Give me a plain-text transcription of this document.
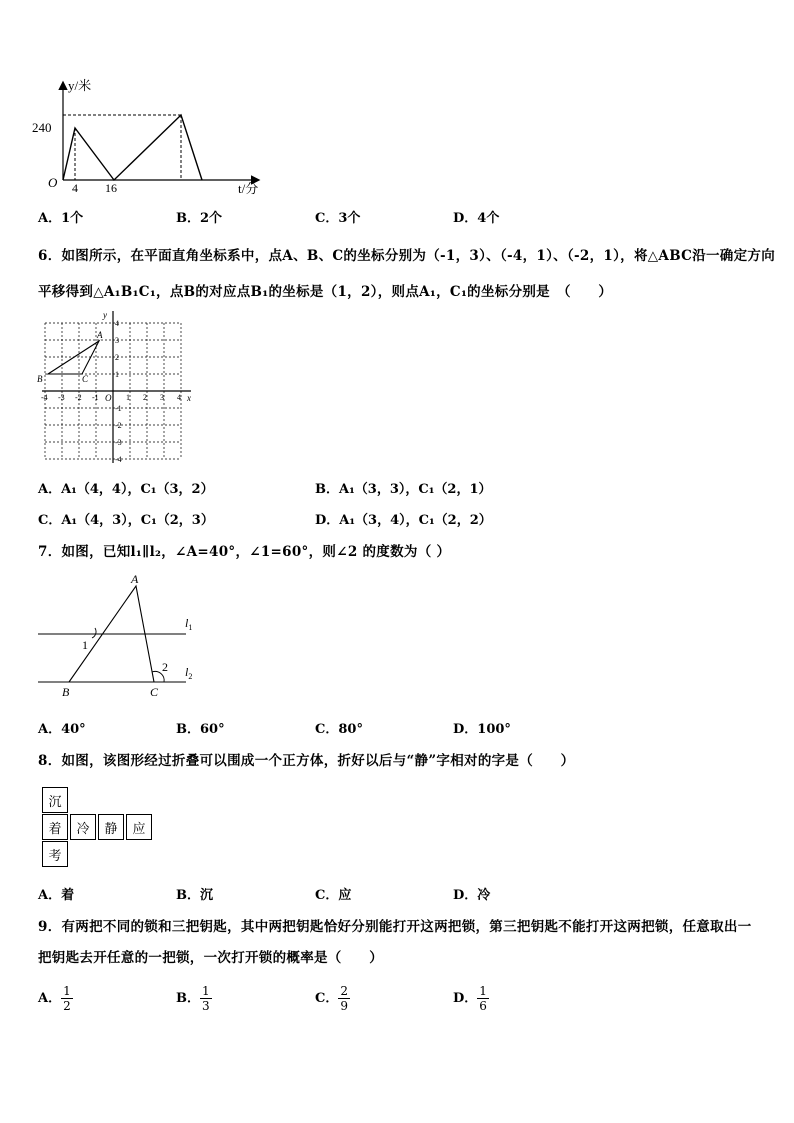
y/米
t/分
240
O 4 16
A．1个	B．2个	C．3个	D．4个
6．如图所示，在平面直角坐标系中，点A、B、C的坐标分别为（-1，3）、（-4，1）、（-2，1），将△ABC沿一确定方向
平移得到△A₁B₁C₁，点B的对应点B₁的坐标是（1，2），则点A₁，C₁的坐标分别是　（　　）
-4 -3 -2 -1	1 2 3 4
4
3
2
1
-1
-2
-3
-4
x
y
O
A
B	C
A．A₁（4，4），C₁（3，2）	B．A₁（3，3），C₁（2，1）
C．A₁（4，3），C₁（2，3）	D．A₁（3，4），C₁（2，2）
7．如图，已知l₁∥l₂，∠A=40°，∠1=60°，则∠2 的度数为（ ）
A
B	C
1
2
$l_1$
$l_2$
A．40°	B．60°	C．80°	D．100°
8．如图，该图形经过折叠可以围成一个正方体，折好以后与“静”字相对的字是（　　）
沉
着	冷	静	应
考
A．着	B．沉	C．应	D．冷
9．有两把不同的锁和三把钥匙，其中两把钥匙恰好分别能打开这两把锁，第三把钥匙不能打开这两把锁，任意取出一
把钥匙去开任意的一把锁，一次打开锁的概率是（　　）
A． $\frac{1}{2}$	B． $\frac{1}{3}$	C． $\frac{2}{9}$	D． $\frac{1}{6}$
